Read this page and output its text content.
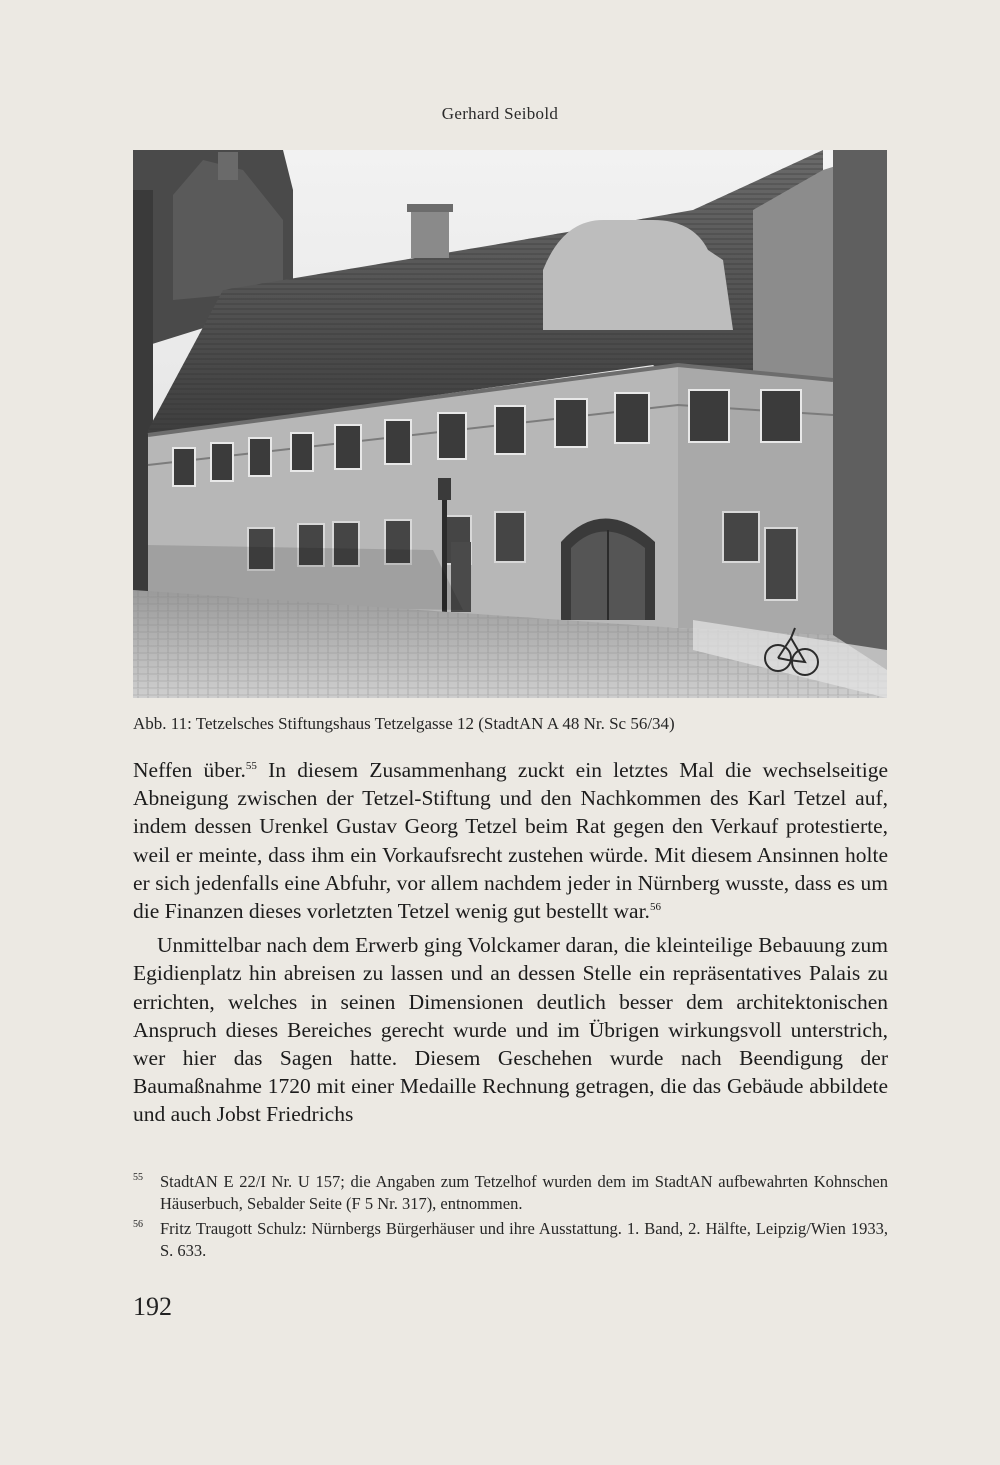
Gerhard Seibold
Abb. 11: Tetzelsches Stiftungshaus Tetzelgasse 12 (StadtAN A 48 Nr. Sc 56/34)

Neffen über.$^{55}$ In diesem Zusammenhang zuckt ein letztes Mal die wechselseitige Abneigung zwischen der Tetzel-Stiftung und den Nachkommen des Karl Tetzel auf, indem dessen Urenkel Gustav Georg Tetzel beim Rat gegen den Verkauf protestierte, weil er meinte, dass ihm ein Vorkaufsrecht zustehen würde. Mit diesem Ansinnen holte er sich jedenfalls eine Abfuhr, vor allem nachdem jeder in Nürnberg wusste, dass es um die Finanzen dieses vorletzten Tetzel wenig gut bestellt war.$^{56}$

Unmittelbar nach dem Erwerb ging Volckamer daran, die kleinteilige Bebauung zum Egidienplatz hin abreisen zu lassen und an dessen Stelle ein repräsentatives Palais zu errichten, welches in seinen Dimensionen deutlich besser dem architektonischen Anspruch dieses Bereiches gerecht wurde und im Übrigen wirkungsvoll unterstrich, wer hier das Sagen hatte. Diesem Geschehen wurde nach Beendigung der Baumaßnahme 1720 mit einer Medaille Rechnung getragen, die das Gebäude abbildete und auch Jobst Friedrichs

55 StadtAN E 22/I Nr. U 157; die Angaben zum Tetzelhof wurden dem im StadtAN aufbewahrten Kohnschen Häuserbuch, Sebalder Seite (F 5 Nr. 317), entnommen.
56 Fritz Traugott Schulz: Nürnbergs Bürgerhäuser und ihre Ausstattung. 1. Band, 2. Hälfte, Leipzig/Wien 1933, S. 633.
192
